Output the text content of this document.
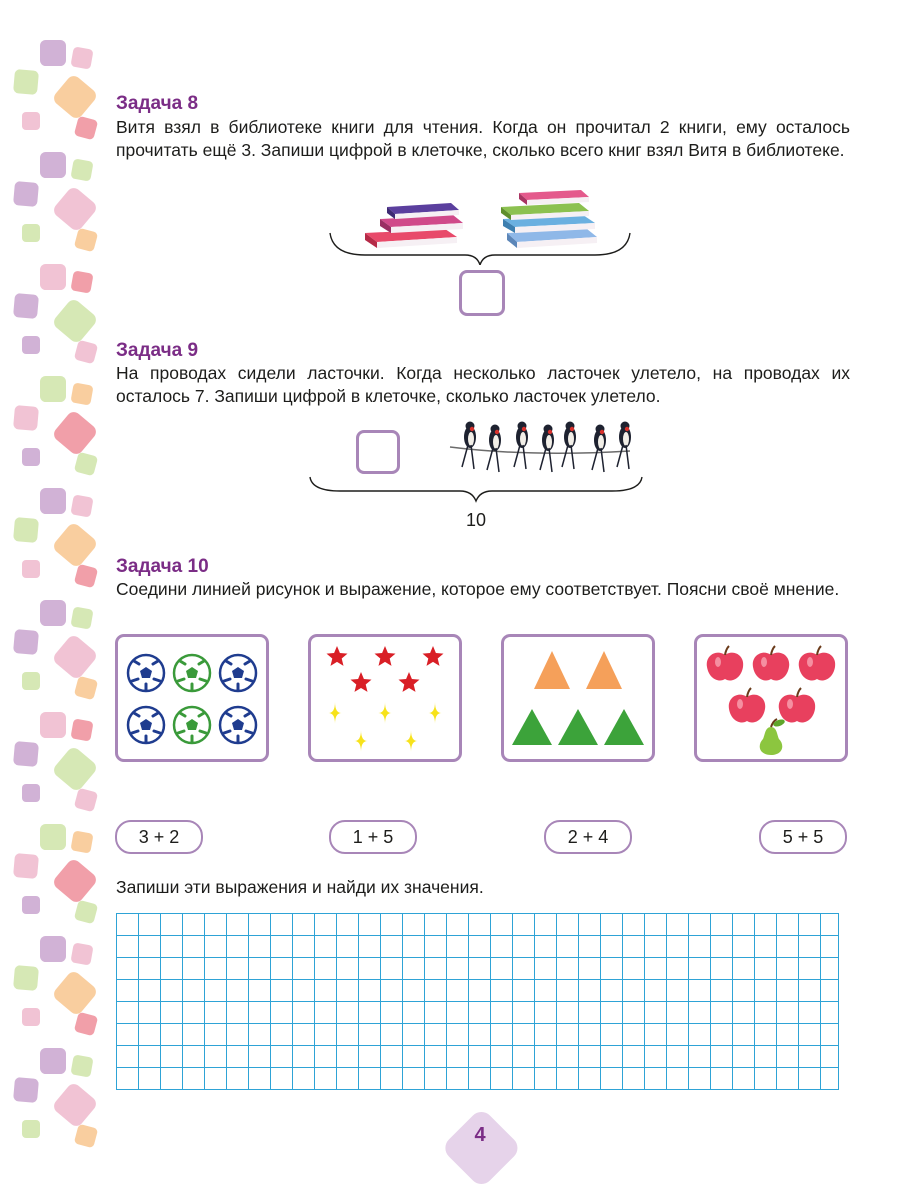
4
Задача 8
Витя взял в библиотеке книги для чтения. Когда он прочитал 2 книги, ему осталось прочитать ещё 3. Запиши цифрой в клеточке, сколько всего книг взял Витя в библиотеке.
Задача 9
На проводах сидели ласточки. Когда несколько ласточек улетело, на проводах их осталось 7. Запиши цифрой в клеточке, сколько ласточек улетело.
10
Задача 10
Соедини линией рисунок и выражение, которое ему соответствует. Поясни своё мнение.
3 + 2	1 + 5	2 + 4	5 + 5
Запиши эти выражения и найди их значения.
